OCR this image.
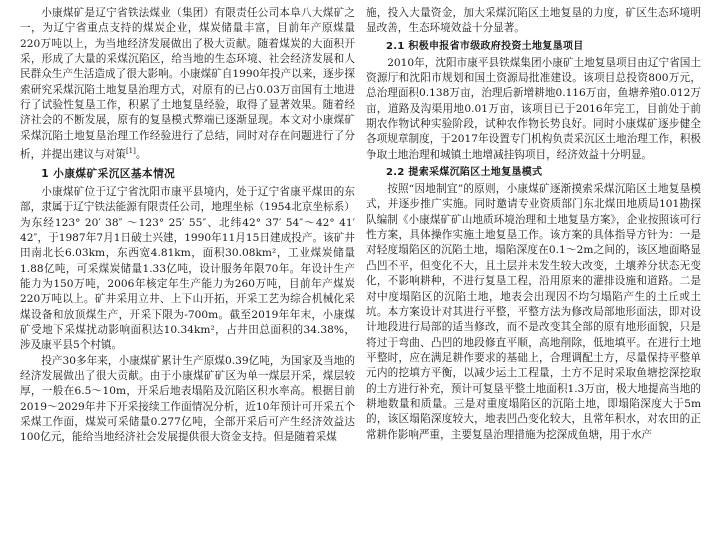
小康煤矿是辽宁省铁法煤业（集团）有限责任公司本阜八大煤矿之一，为辽宁省重点支持的煤炭企业，煤炭储量丰富，目前年产原煤量220万吨以上，为当地经济发展做出了极大贡献。随着煤炭的大面积开采，形成了大量的采煤沉陷区，给当地的生态环境、社会经济发展和人民群众生产生活造成了很大影响。小康煤矿自1990年投产以来，逐步探索研究采煤沉陷土地复垦治理方式，对原有的已占0.03万亩国有土地进行了试验性复垦工作，积累了土地复垦经验，取得了显著效果。随着经济社会的不断发展，原有的复垦模式弊端已逐渐显现。本文对小康煤矿采煤沉陷土地复垦治理工作经验进行了总结，同时对存在问题进行了分析，并提出建议与对策[1]。

1 小康煤矿采沉区基本情况

小康煤矿位于辽宁省沈阳市康平县境内，处于辽宁省康平煤田的东部，隶属于辽宁铁法能源有限责任公司，地理坐标（1954北京坐标系）为东经123° 20′ 38″ ～123° 25′ 55″、北纬42° 37′ 54″～42° 41′ 42″，于1987年7月1日破土兴建，1990年11月15日建成投产。该矿井田南北长6.03km，东西宽4.81km，面积30.08km²，工业煤炭储量1.88亿吨，可采煤炭储量1.33亿吨，设计服务年限70年。年设计生产能力为150万吨，2006年核定年生产能力为260万吨，目前年产煤炭220万吨以上。矿井采用立井、上下山开拓，开采工艺为综合机械化采煤设备和放顶煤生产，开采下限为-700m。截至2019年年末，小康煤矿受地下采煤扰动影响面积达10.34km²，占井田总面积的34.38%，涉及康平县5个村镇。

投产30多年来，小康煤矿累计生产原煤0.39亿吨，为国家及当地的经济发展做出了很大贡献。由于小康煤矿矿区为单一煤层开采，煤层较厚，一般在6.5～10m，开采后地表塌陷及沉陷区积水率高。根据目前2019～2029年井下开采接续工作面情况分析，近10年预计可开采五个采煤工作面，煤炭可采储量0.277亿吨，全部开采后可产生经济效益达100亿元，能给当地经济社会发展提供很大资金支持。但是随着采煤

施，投入大量资金，加大采煤沉陷区土地复垦的力度，矿区生态环境明显改善，生态环境效益十分显著。

2.1 积极申报省市级政府投资土地复垦项目

2010年，沈阳市康平县铁煤集团小康矿土地复垦项目由辽宁省国土资源厅和沈阳市规划和国土资源局批准建设。该项目总投资800万元，总治理面积0.138万亩，治理后新增耕地0.116万亩，鱼塘养殖0.012万亩，道路及沟渠用地0.01万亩，该项目已于2016年完工，目前处于前期农作物试种实验阶段，试种农作物长势良好。同时小康煤矿逐步健全各项规章制度，于2017年设置专门机构负责采沉区土地治理工作，积极争取土地治理和城镇土地增减挂钩项目，经济效益十分明显。

2.2 提索采煤沉陷区土地复垦模式

按照“因地制宜”的原则，小康煤矿逐渐摸索采煤沉陷区土地复垦模式，并逐步推广实施。同时邀请专业资质部门东北煤田地质局101勘探队编制《小康煤矿矿山地质环境治理和土地复垦方案》，企业按照该可行性方案，具体操作实施土地复垦工作。该方案的具体指导方针为：一是对轻度塌陷区的沉陷土地，塌陷深度在0.1～2m之间的，该区地面略显凸凹不平，但变化不大，且土层并未发生较大改变，土壤养分状态无变化，不影响耕种，不进行复垦工程，沿用原来的灌排设施和道路。二是对中度塌陷区的沉陷土地，地表会出现因不均匀塌陷产生的土丘或土坑。本方案设计对其进行平整，平整方法为修改局部地形面法，即对设计地段进行局部的适当修改，而不是改变其全部的原有地形面貌，只是将过于弯曲、凸凹的地段修直平顺，高地削除，低地填平。在进行土地平整时，应在满足耕作要求的基础上，合理调配土方，尽量保持平整单元内的挖填方平衡，以减少运土工程量，土方不足时采取鱼塘挖深挖取的土方进行补充，预计可复垦平整土地面积1.3万亩，极大地提高当地的耕地数量和质量。三是对重度塌陷区的沉陷土地，即塌陷深度大于5m的，该区塌陷深度较大，地表凹凸变化较大，且常年积水，对农田的正常耕作影响严重，主要复垦治理措施为挖深成鱼塘，用于水产
